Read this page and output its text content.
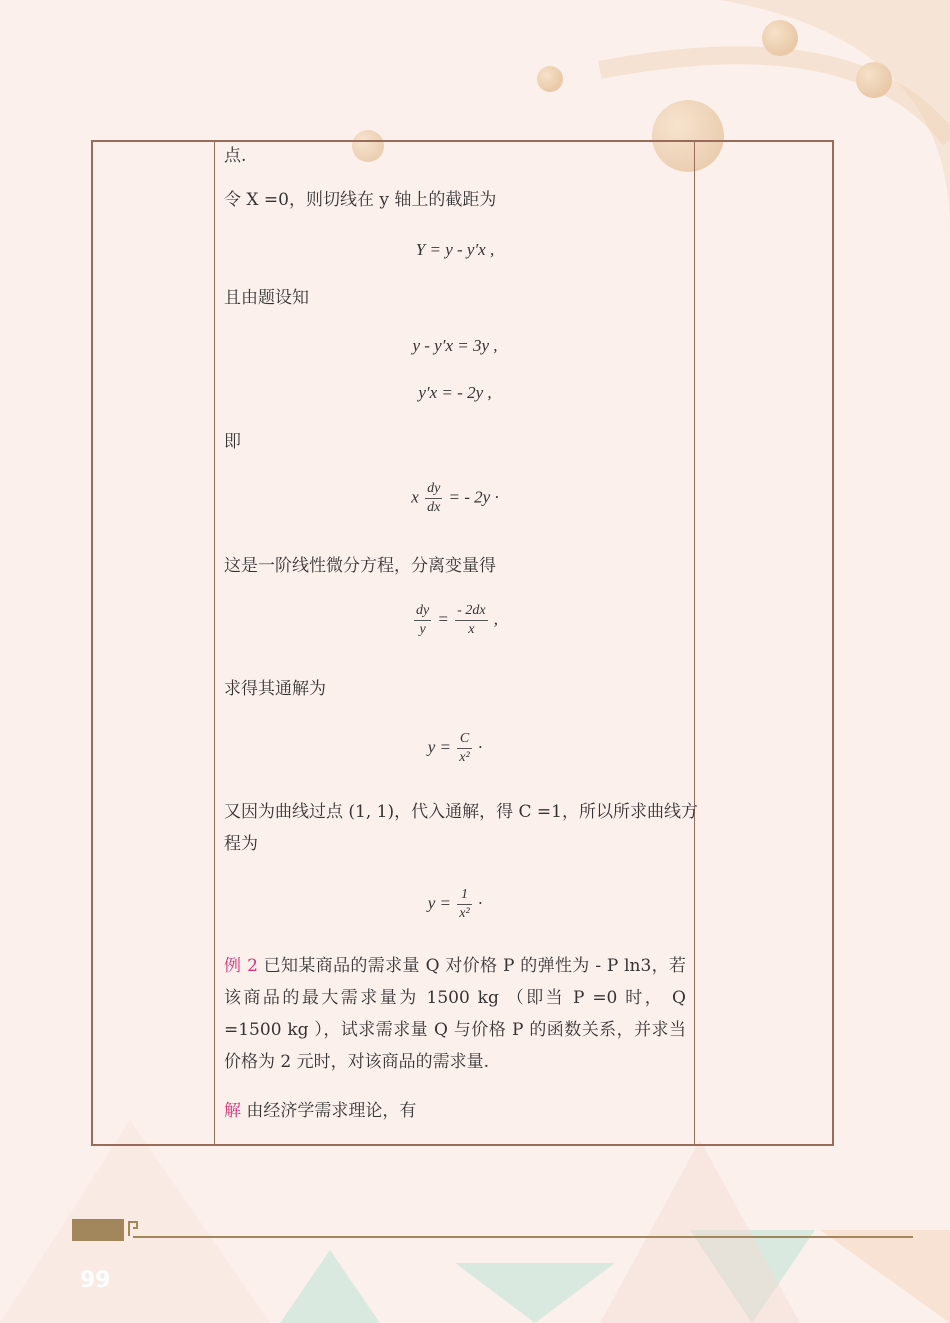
点.
令 X =0，则切线在 y 轴上的截距为
Y = y - y′x ,
且由题设知
y - y′x = 3y ,
y′x = - 2y ,
即
x $\frac{dy}{dx}$ = - 2y ·
这是一阶线性微分方程，分离变量得
$\frac{dy}{y} = \frac{- 2dx}{x}$ ,
求得其通解为
$y = \frac{C}{\text{x²}}$ ·
又因为曲线过点 (1, 1)，代入通解，得 C =1，所以所求曲线方
程为
$y = \frac{1}{\text{x²}}$ ·
例 2 已知某商品的需求量 Q 对价格 P 的弹性为 - P ln3，若该商品的最大需求量为 1500 kg （即当 P =0 时， Q =1500 kg ），试求需求量 Q 与价格 P 的函数关系，并求当价格为 2 元时，对该商品的需求量.
解 由经济学需求理论，有
99
